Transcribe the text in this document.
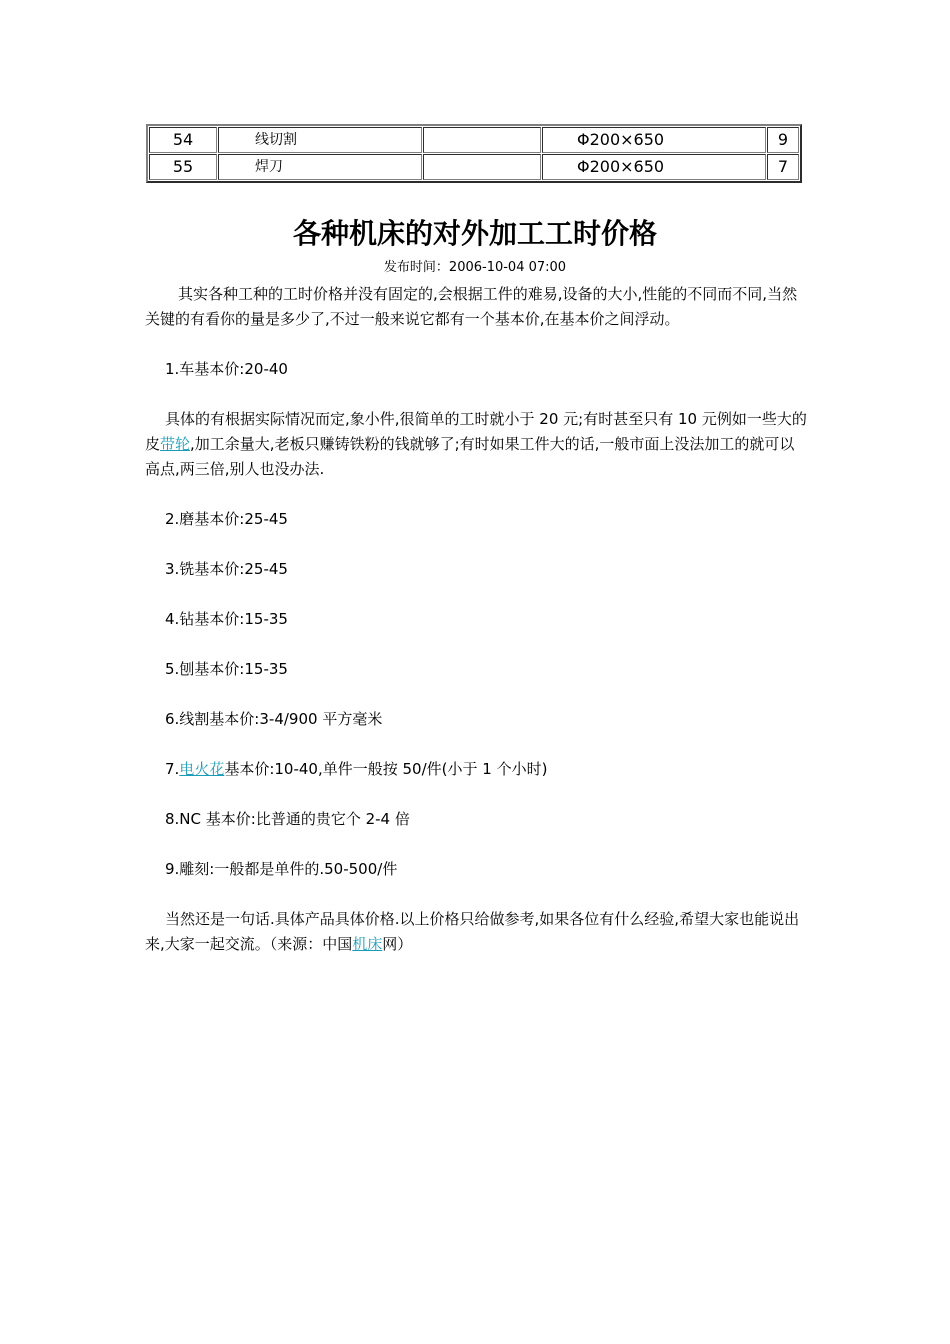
54	线切割		Φ200×650	9
55	焊刀		Φ200×650	7
各种机床的对外加工工时价格
发布时间：2006-10-04 07:00

其实各种工种的工时价格并没有固定的,会根据工件的难易,设备的大小,性能的不同而不同,当然关键的有看你的量是多少了,不过一般来说它都有一个基本价,在基本价之间浮动。

1.车基本价:20-40

具体的有根据实际情况而定,象小件,很简单的工时就小于 20 元;有时甚至只有 10 元例如一些大的皮带轮,加工余量大,老板只赚铸铁粉的钱就够了;有时如果工件大的话,一般市面上没法加工的就可以高点,两三倍,别人也没办法.

2.磨基本价:25-45

3.铣基本价:25-45

4.钻基本价:15-35

5.刨基本价:15-35

6.线割基本价:3-4/900 平方毫米

7.电火花基本价:10-40,单件一般按 50/件(小于 1 个小时)

8.NC 基本价:比普通的贵它个 2-4 倍

9.雕刻:一般都是单件的.50-500/件

当然还是一句话.具体产品具体价格.以上价格只给做参考,如果各位有什么经验,希望大家也能说出来,大家一起交流。（来源：中国机床网）
